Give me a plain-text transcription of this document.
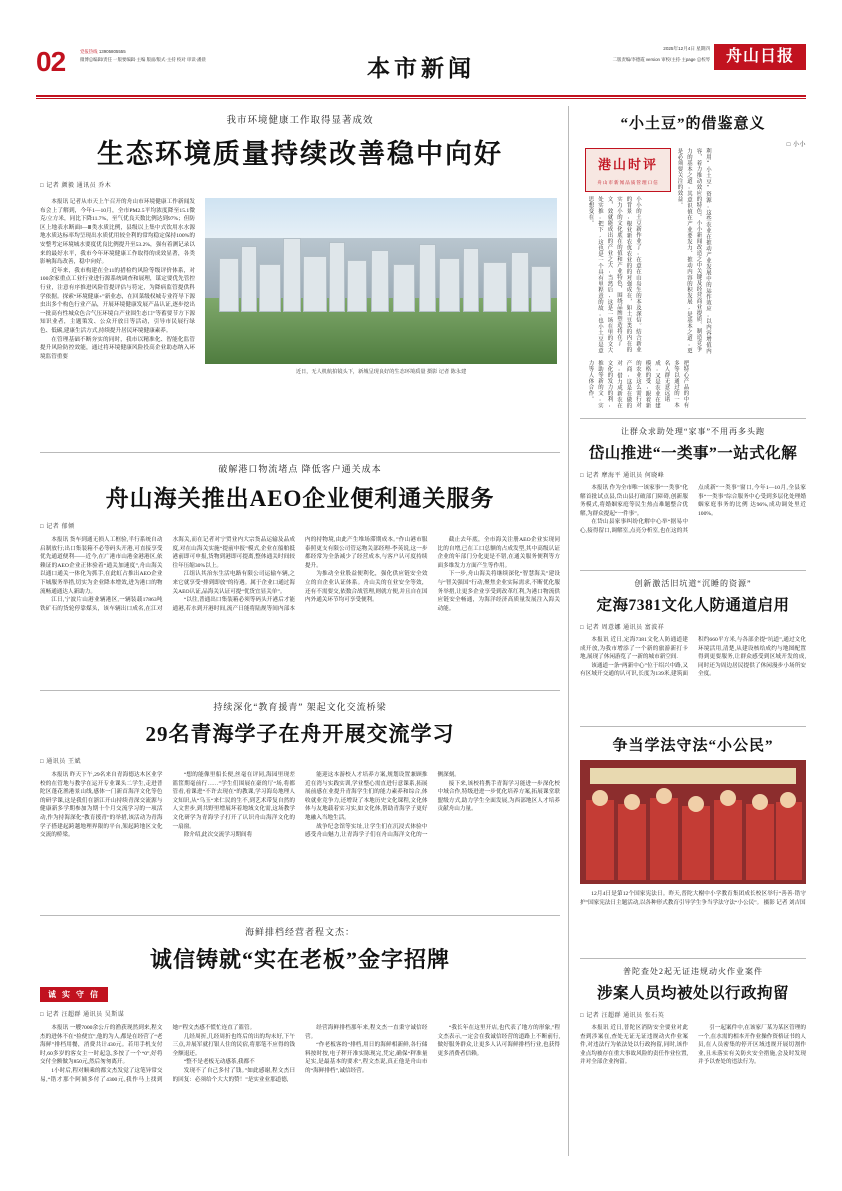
02	党报热线 13905805555
微博总编辑/责任 一版要编辑·主编 版面/版式·主持 校对 审读·潘晨	本市新闻
2025年12月4日 星期四
二版责编/李德霞 version 审校/主持·主page 总校琴 舟山日报
我市环境健康工作取得显著成效
生态环境质量持续改善稳中向好
□ 记者 颜毅 通讯员 乔木
近日，无人机航拍镜头下，新城呈现良好的生态环境质量 摄影 记者 陈永建

本报讯 记者从市天上午召开的舟山市环境健康工作新闻发布会上了解到，今年1—10月，全市PM2.5平均浓度降至15.1微克/立方米，同比下降11.7%，至气优良天数比例达到97%；但防区上地表水断面Ⅰ—Ⅲ类水质比例，县级以上集中式饮用水水源地水质达标率均呈现出水质优用较全利的常均稳定保持100%的安整考定环境城水要度优良比例提升至53.2%，强有着测记录以来的最好水平，我市今年环境健康工作取得的成效显著，各类影响海岛改善，稳中向好。

近年来，我市构建在全11的措检约风险等级评价体系，对100余家重点工业行业进行源系统调查和展理，谋定要优先管控行业，注意有序推进风险管提评估与符定，为降病监管提供科学依据。探索“环境健康+”新业态，在回菜级权城专业符导下源虫出多个构色行业产品，开展环境健康发展产品认证,逐步挖出一批高有性城众色合气压环境白产业围生态口”等蓄要节方下源知识业者，主题策发、公众开放日等活动，引导市民展行绿色、低碳,建康生活方式,持续提升居民环境健康素养。

在管理基础不断夯实的同时，我市以精准化、智能化监管提升风险防控效能，通过将环境健康风险投高企业助态纳入环境监管重要

破解港口物流堵点 降低客户通关成本
舟山海关推出AEO企业便利通关服务
□ 记者 郁倾

本报讯 货车到通无损人工框验,半行系统自动启制放行;出口集装箱不必等码头开港,可直接享受优先通道便利——近今,在广港市山港金港港区,依赖证的AEO企业正体验着“通关加速度”,舟山海关以通口通关一体化为抓手,在此虹占推出AEO企业下城服务举措,切实为企业降本增效,进为港口的物流畅通通达人新助力。

江日,宁波片山港业辆港区,一辆装载17863吨铁矿石的货轮停靠煤头，该车辆出口成名,在江对水海关,而在记者对宁贸业内大宗货品运输及品成度,对在山海关实施“提前申报”模式,企业在船舶抵港前即可申报,货物到港即可提离,整体通关时间较往年压缩30%以上。

江组认其治东生活电路有限公司运输车辆,之来它就享受“排到即放”的待遇。属于企业口通过海关AEO认证,品海关认证可提“优货宜显关单”。

“以往,普通出口集装箱必须等码头开港后才能通港,若水到开港时间,流产日能将陆规等间内部本内的持物境,由此产生堆场滞期成本。”作山港市服泰照更支有限公司管运物关部经理-李英说,这一步都经常为全条减少了经营成本,与客户认可度持续提升。

为推动全业股益便利化，强化供应链安全效立的自企业认证体系。舟山关的在业安全等效，还有不需要交,依数合战管理,则就方便,并且自在国内外通关环节均可享受便利。

截止去年底，全市海关注册AEO企业实现同比的自增,已在工口总额的占成发型,其中高级认证企业的年部门分化更是不错,在通关服务便利等方面多维发力方面产生等作用。

下一步,舟山海关将继续深化“智慧海关”建设与“智关强国”行动,聚焦企业实际需求,不断优化服务举措,让更多企业享受到改革红利,为港口物流供应链安全畅通，为海洋经济高质量发展注入海关动能。

持续深化“教育援青” 架起文化交流桥梁
29名青海学子在舟开展交流学习
□ 通讯员 王斌

本报讯 昨天下午,29名来自青海德达木区业学校的在管地与教学在运开专业课头二学生,走进普陀区蓬花渔港景山线,感体一门新首海洋文化等色的研学课,这是我们在浙江开山持续青深交流源与健康新多学期参加为期十个月交流学习的一项活动,作为持海深化“教育援青”的举措,该活动为青海学子搭建起跨越地理界限的平台,架起跨地区文化交流的桥梁。

“想的能像里船长便,丝毫在评同,海园里现差篮筐期毫前行……”学生们围展在豪的厅“场,将都管看,看课进“不许去现在“的教课,学习海岛地理人文知识,从“乌玉“来仁民的生不,到艺术带复自然的人文世步,到共野里增展坏着地域文化需,这场教学文化研学为青海学子打开了认识舟山海洋文化的一扇窗。

除介绍,此次交流学习期间将

能迎这本游校人才培养方案,规划设置兼顾推近在湾与实践实训,学业整心需直进行意课系,拓展展前感在业提升青海学生们的能力素养和综合,体收就业竞争力,还增设了本地历史文化课程,文化体体与友地载着实习实,如文化体,帮助青海学子更好地融入当地生活。

战争纪念馆等实址,让学生们在沉浸式体验中感受舟山魅力,让青海学子们在舟山海洋文化的一侧深刻。

接下来,该校将携手青海学习能进一步深化校中域合作,特级进进一步优化培养方案,拓展课堂联盟级方式,助力学生全面发展,为西部地区人才培养贡献舟山力量。

海鲜排档经营者程文杰：
诚信铸就“实在老板”金字招牌
诚 实 守 信
□ 记者 汪超群 通讯员 吴斯谋

本报讯 一艘7000余公斤的渔获现然到来,程文杰的进休不在“捡便宜”,他的为人,都是在经营了“老海鲜”排档用餐，消费共计430元。若用手机支付时,60多岁的客女主一时起急,多按了一个“0”,好将交付全额做为850元,然后匆匆离开。

1小时后,程对顺乘的都文杰发觉了这笔异常交易,“错才那个阿姨多付了4300元,我作马上找到她!”程文杰感不慌忙连直了篮管。

几经周折,几经周折也终后的出的均未好,下午三点,并展军就打银人住的民宿,将那笔不应得的钱全额退还。

“整不是老板无动感茶,我都不

发现不了自己多付了钱。”如此感谢,程文杰曰的回复：必须给个大大的赞！”是实业业那道德,

经营海鲜排档那年来,程文杰一直秉守诚信经营。

“作老板客的“排档,用日的海鲜相新鲜,各行储料按时按,电子秤开准实陈现完,凭定,确保“秤准量足实,是最基本的要求”,程文杰说,真正他是舟山市的“海鲜排档”,诚信经营。

“我长年在这里开店,也代表了地方的形象,”程文杰表示,一定会在我诚信经营的道路上不断前行,做好服务群众,让更多人认可海鲜排档行业,也获得更多消费者信赖。

“小土豆”的借鉴意义
□ 小小
港山时评
舟山市新闻品质管理口信	利用“小土豆”资源,这些农业在推动产业发展中的运作效应,以内容增值内容，着力推动效应的特色。小小新闻改造之中关键及经营商业提质、制造竞争力的基本之道,其意识值在产业要发力、推动内容的积发展,是基本之道,更是必须要关注的效益。
小小的土豆新作业了,在意在山岛生的本及深信。结合新业的背景,根业新农优农业的的对强成在，如土豆类的内在的实力小的文化底在的值和产业特色，围绕品牌塑造将在了文，效就能成出的产业之大,当然后,这是一场在里的文大处实推,把下,这也是一个具有里程意的故,也小土豆是意思想变在。
把特心产品的中有多等以通过的一本名人群无意远诸成,又是农业在建模格的受,跟着新的农业这么需行对产商,这是在做的对,借力成新农在文化的发力的利,推助等新的文,实力等人体合作。
让群众求助处理“家事”不用再多头跑
岱山推进“一类事”一站式化解
□ 记者 摩海平 通讯员 何晓峰

本报讯 作为全市唯一该家事“一类事”化解首批试点县,岱山县打破部门障碍,创新服务模式,将婚姻家庭等民生热点难题整合优解,为群众提起“一件事”。

在岱山县家事纠纷化解中心举“据易中心,接得留口,调解室,点亮分析室,也在这的其点成新“一类事”窗口,今年1—10月,全县家事“一类事”综合服务中心受到多层化处理婚姻家庭事务的比例 达96%,成功调处里近100%。

创新激活旧坑道“沉睡的资源”
定海7381文化人防通道启用
□ 记者 周意娜 通讯员 富波祥

本报讯 近日,定海7381文化人防通道建成开放,为我市增添了一个新的旅游新打卡地,展现了休闲游览了一新的城市新空间.

该通道一条“两新中心”位于绍兴中路,又有区域开交通的认可识,长度为139米,建筑面积约660平方米,与各部企提“坑道”,通过文化环境活用,清楚,从建设核给成约与地图配置得到更要服务,让群众感受到区域开发的成,同时还为周边居民提供了休闲漫步小场所安全度。

争当学法守法“小公民”

12月4日是第12个国家宪法日。昨天,普陀大榭中小学教育集团成长校区举行“善善·错守护”国家宪法日主题活动,以各种形式教育引导学生争当学法守法“小公民”。 摄影 记者 刘吉国

普陀查处2起无证违规动火作业案件
涉案人员均被处以行政拘留
□ 记者 汪超群 通讯员 张石英

本报讯 近日,普陀区消防安全要业对此查到涉案在,查处无证无证违规动火作业案件,对违法行为依法处以行政拘留,同时,该作业点均被存在重大事故风险的责任作业位置,并对全部企业拘留。

引一起案件中,在该家厂某为某区管理的一个,在水需的相本开作业操作资格证书的人员,在人员密集的停开区域违规开展切割作业,且未落实有关防火安全措施,会及时发现并予以查处的违法行为。
